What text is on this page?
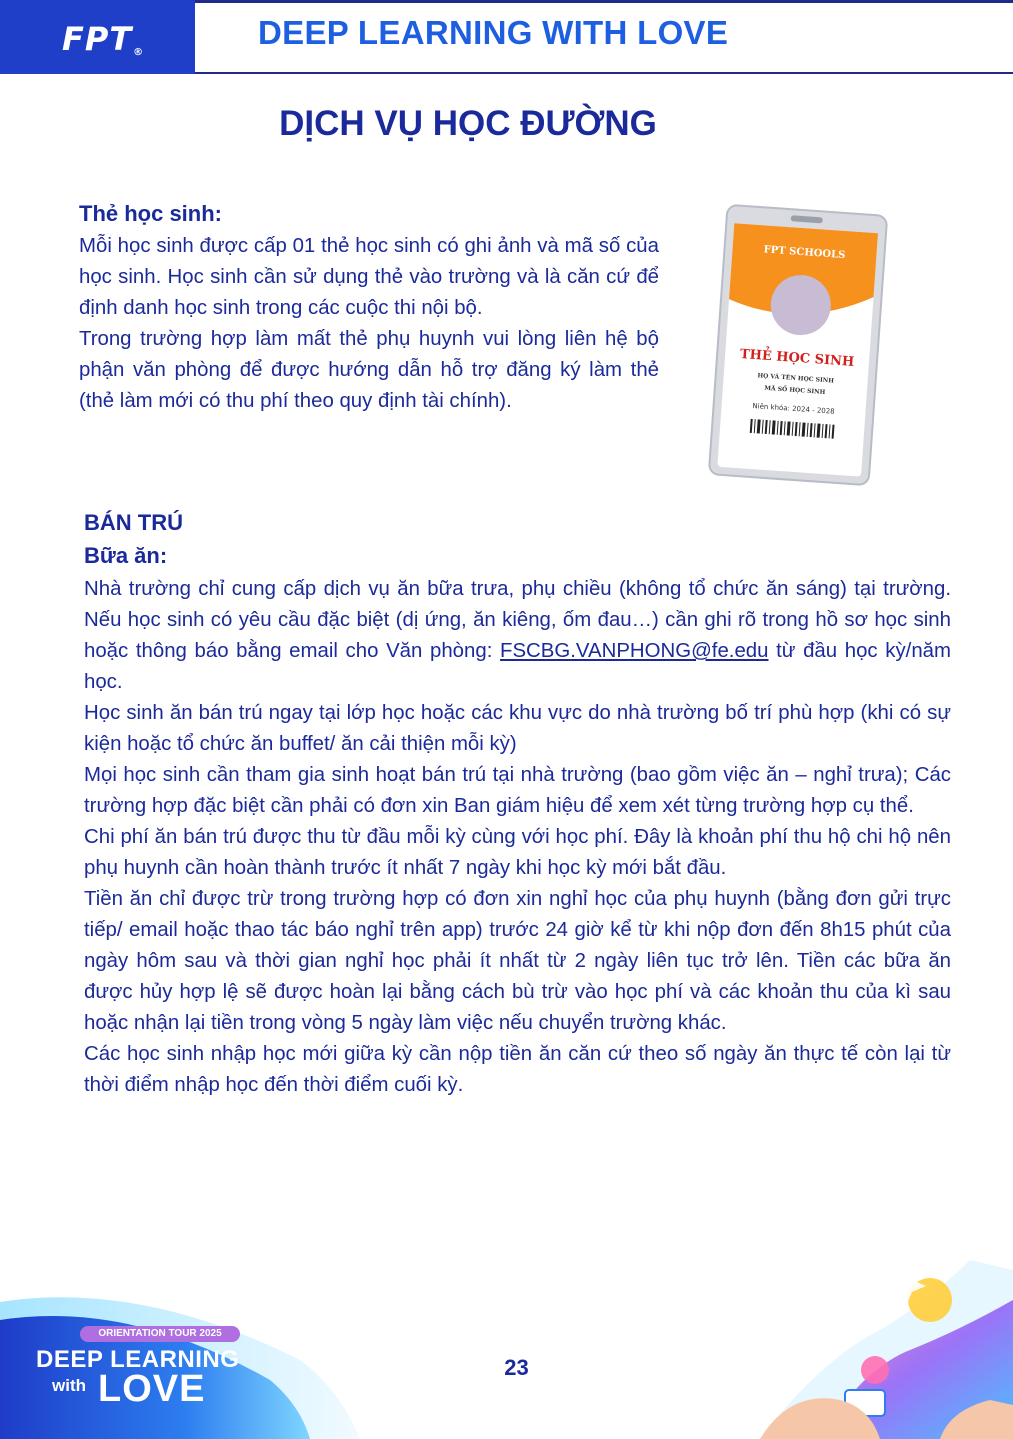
FPT®
DEEP LEARNING WITH LOVE
DỊCH VỤ HỌC ĐƯỜNG
Thẻ học sinh:

Mỗi học sinh được cấp 01 thẻ học sinh có ghi ảnh và mã số của học sinh. Học sinh cần sử dụng thẻ vào trường và là căn cứ để định danh học sinh trong các cuộc thi nội bộ.

Trong trường hợp làm mất thẻ phụ huynh vui lòng liên hệ bộ phận văn phòng để được hướng dẫn hỗ trợ đăng ký làm thẻ (thẻ làm mới có thu phí theo quy định tài chính).

FPT SCHOOLS
THẺ HỌC SINH
HỌ VÀ TÊN HỌC SINH
MÃ SỐ HỌC SINH
Niên khóa: 2024 - 2028
BÁN TRÚ
Bữa ăn:

Nhà trường chỉ cung cấp dịch vụ ăn bữa trưa, phụ chiều (không tổ chức ăn sáng) tại trường. Nếu học sinh có yêu cầu đặc biệt (dị ứng, ăn kiêng, ốm đau…) cần ghi rõ trong hồ sơ học sinh hoặc thông báo bằng email cho Văn phòng: FSCBG.VANPHONG@fe.edu từ đầu học kỳ/năm học.

Học sinh ăn bán trú ngay tại lớp học hoặc các khu vực do nhà trường bố trí phù hợp (khi có sự kiện hoặc tổ chức ăn buffet/ ăn cải thiện mỗi kỳ)

Mọi học sinh cần tham gia sinh hoạt bán trú tại nhà trường (bao gồm việc ăn – nghỉ trưa); Các trường hợp đặc biệt cần phải có đơn xin Ban giám hiệu để xem xét từng trường hợp cụ thể.

Chi phí ăn bán trú được thu từ đầu mỗi kỳ cùng với học phí. Đây là khoản phí thu hộ chi hộ nên phụ huynh cần hoàn thành trước ít nhất 7 ngày khi học kỳ mới bắt đầu.

Tiền ăn chỉ được trừ trong trường hợp có đơn xin nghỉ học của phụ huynh (bằng đơn gửi trực tiếp/ email hoặc thao tác báo nghỉ trên app) trước 24 giờ kể từ khi nộp đơn đến 8h15 phút của ngày hôm sau và thời gian nghỉ học phải ít nhất từ 2 ngày liên tục trở lên. Tiền các bữa ăn được hủy hợp lệ sẽ được hoàn lại bằng cách bù trừ vào học phí và các khoản thu của kì sau hoặc nhận lại tiền trong vòng 5 ngày làm việc nếu chuyển trường khác.

Các học sinh nhập học mới giữa kỳ cần nộp tiền ăn căn cứ theo số ngày ăn thực tế còn lại từ thời điểm nhập học đến thời điểm cuối kỳ.

ORIENTATION TOUR 2025
DEEP LEARNING
with LOVE
23
